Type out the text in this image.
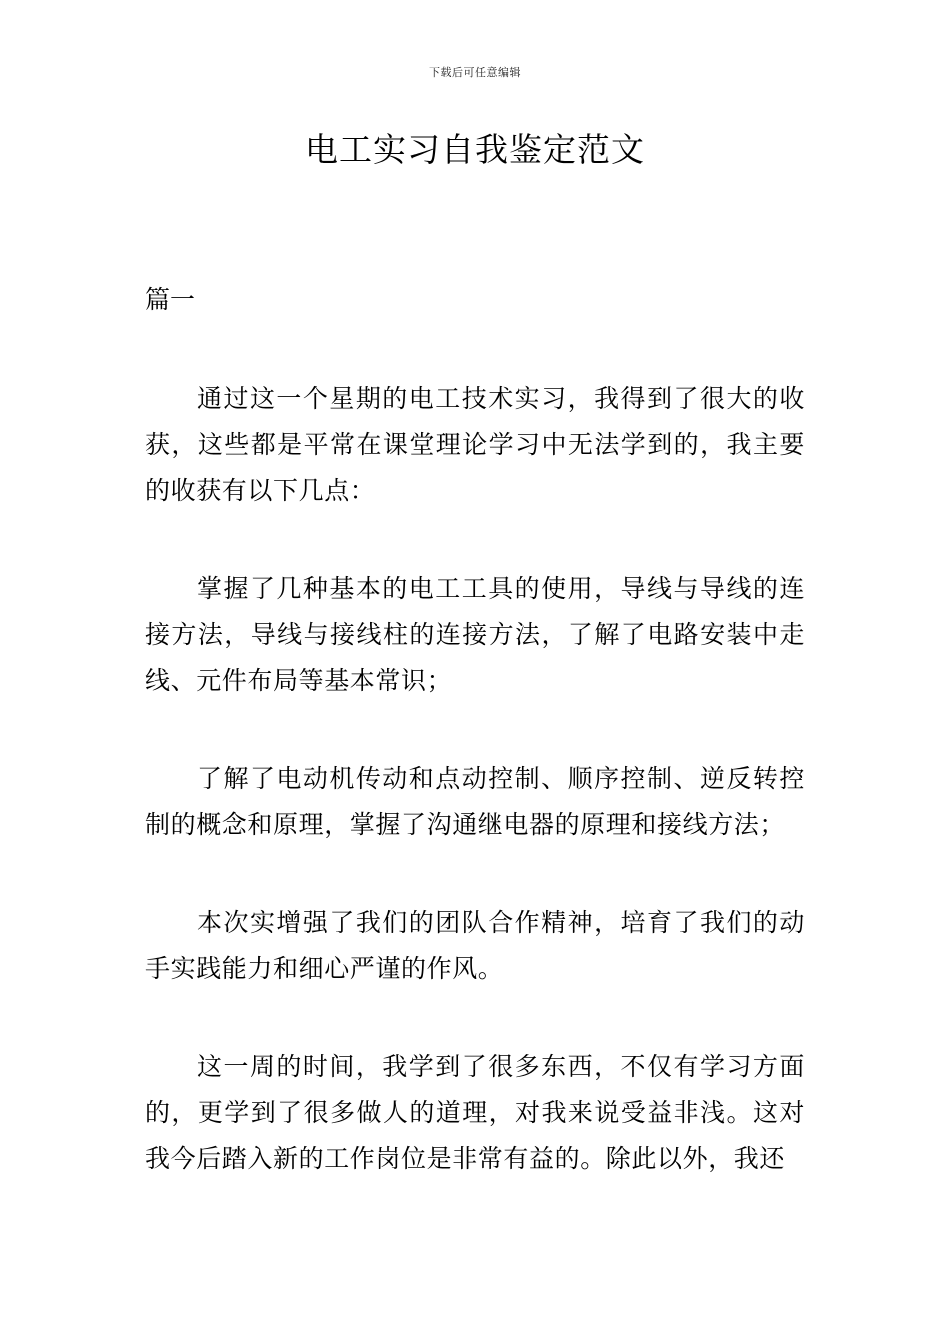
下载后可任意编辑
电工实习自我鉴定范文
篇一

通过这一个星期的电工技术实习，我得到了很大的收获，这些都是平常在课堂理论学习中无法学到的，我主要的收获有以下几点：

掌握了几种基本的电工工具的使用，导线与导线的连接方法，导线与接线柱的连接方法，了解了电路安装中走线、元件布局等基本常识；

了解了电动机传动和点动控制、顺序控制、逆反转控制的概念和原理，掌握了沟通继电器的原理和接线方法；

本次实增强了我们的团队合作精神，培育了我们的动手实践能力和细心严谨的作风。

这一周的时间，我学到了很多东西，不仅有学习方面的，更学到了很多做人的道理，对我来说受益非浅。这对我今后踏入新的工作岗位是非常有益的。除此以外，我还
